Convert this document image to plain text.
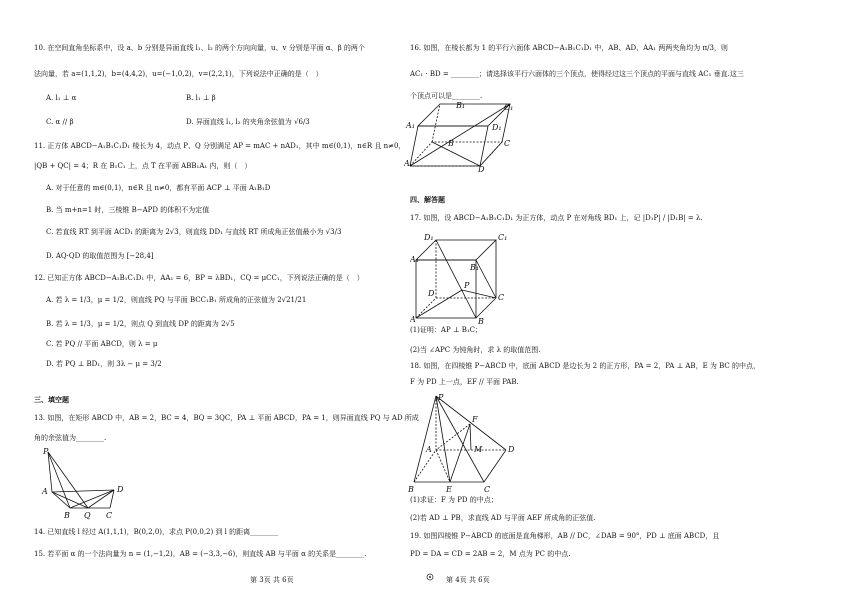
10. 在空间直角坐标系中，设 a、b 分别是异面直线 l₁、l₂ 的两个方向向量，u、v 分别是平面 α、β 的两个
法向量，若 a=(1,1,2)，b=(4,4,2)，u=(−1,0,2)，v=(2,2,1)，下列说法中正确的是（　）
A. l₁ ⊥ α	B. l₁ ⊥ β
C. α // β	D. 异面直线 l₁, l₂ 的夹角余弦值为 √6/3
11. 正方体 ABCD−A₁B₁C₁D₁ 棱长为 4，动点 P、Q 分别满足 AP = mAC + nAD₁，其中 m∈(0,1)，n∈R 且 n≠0，
|QB + QC| = 4；R 在 B₁C₁ 上，点 T 在平面 ABB₁A₁ 内，则（　）
A. 对于任意的 m∈(0,1)，n∈R 且 n≠0，都有平面 ACP ⊥ 平面 A₁B₁D
B. 当 m+n=1 时，三棱锥 B−APD 的体积不为定值
C. 若直线 RT 到平面 ACD₁ 的距离为 2√3，则直线 DD₁ 与直线 RT 所成角正弦值最小为 √3/3
D. AQ·QD 的取值范围为 [−28,4]
12. 已知正方体 ABCD−A₁B₁C₁D₁ 中，AA₁ = 6，BP = λBD₁，CQ = μCC₁，下列说法正确的是（　）
A. 若 λ = 1/3，μ = 1/2，则直线 PQ 与平面 BCC₁B₁ 所成角的正弦值为 2√21/21
B. 若 λ = 1/3，μ = 1/2，则点 Q 到直线 DP 的距离为 2√5
C. 若 PQ // 平面 ABCD，则 λ = μ
D. 若 PQ ⊥ BD₁，则 3λ − μ = 3/2
三、填空题
13. 如图，在矩形 ABCD 中，AB = 2，BC = 4，BQ = 3QC，PA ⊥ 平面 ABCD，PA = 1，则异面直线 PQ 与 AD 所成
角的余弦值为________.
P
A
B Q C
D
14. 已知直线 l 经过 A(1,1,1)，B(0,2,0)，求点 P(0,0,2) 到 l 的距离________
15. 若平面 α 的一个法向量为 n = (1,−1,2)，AB = (−3,3,−6)，则直线 AB 与平面 α 的关系是________.
第 3页 共 6页
16. 如图，在棱长都为 1 的平行六面体 ABCD−A₁B₁C₁D₁ 中，AB、AD、AA₁ 两两夹角均为 π/3，则
AC₁ · BD = ________；请选择该平行六面体的三个顶点，使得经过这三个顶点的平面与直线 AC₁ 垂直.这三
个顶点可以是________.
B₁	C₁
A₁	D₁
B	C
A
D
四、解答题
17. 如图，设 ABCD−A₁B₁C₁D₁ 为正方体，动点 P 在对角线 BD₁ 上，记 |D₁P| / |D₁B| = λ.
D₁	C₁
A₁
B₁
D	C
A	B
P
(1)证明：AP ⊥ B₁C；
(2)当 ∠APC 为钝角时，求 λ 的取值范围.
18. 如图，在四棱锥 P−ABCD 中，底面 ABCD 是边长为 2 的正方形，PA = 2，PA ⊥ AB，E 为 BC 的中点，
F 为 PD 上一点，EF // 平面 PAB.
P
F
A	M	D
B	E	C
(1)求证：F 为 PD 的中点；
(2)若 AD ⊥ PB，求直线 AD 与平面 AEF 所成角的正弦值.
19. 如图四棱锥 P−ABCD 的底面是直角梯形，AB // DC，∠DAB = 90°，PD ⊥ 底面 ABCD，且
PD = DA = CD = 2AB = 2，M 点为 PC 的中点.
第 4页 共 6页
